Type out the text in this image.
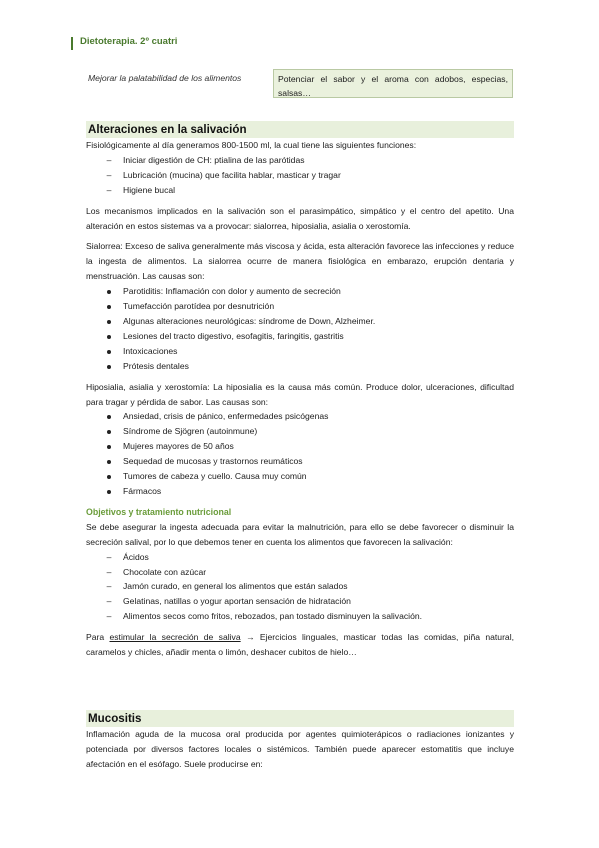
Dietoterapia. 2º cuatri
Mejorar la palatabilidad de los alimentos	Potenciar el sabor y el aroma con adobos, especias, salsas…
Alteraciones en la salivación

Fisiológicamente al día generamos 800-1500 ml, la cual tiene las siguientes funciones:

–	Iniciar digestión de CH: ptialina de las parótidas
–	Lubricación (mucina) que facilita hablar, masticar y tragar
–	Higiene bucal

Los mecanismos implicados en la salivación son el parasimpático, simpático y el centro del apetito. Una alteración en estos sistemas va a provocar: sialorrea, hiposialia, asialia o xerostomía.

Sialorrea: Exceso de saliva generalmente más viscosa y ácida, esta alteración favorece las infecciones y reduce la ingesta de alimentos. La sialorrea ocurre de manera fisiológica en embarazo, erupción dentaria y menstruación. Las causas son:

Parotiditis: Inflamación con dolor y aumento de secreción
Tumefacción parotídea por desnutrición
Algunas alteraciones neurológicas: síndrome de Down, Alzheimer.
Lesiones del tracto digestivo, esofagitis, faringitis, gastritis
Intoxicaciones
Prótesis dentales

Hiposialia, asialia y xerostomía: La hiposialia es la causa más común. Produce dolor, ulceraciones, dificultad para tragar y pérdida de sabor. Las causas son:

Ansiedad, crisis de pánico, enfermedades psicógenas
Síndrome de Sjögren (autoinmune)
Mujeres mayores de 50 años
Sequedad de mucosas y trastornos reumáticos
Tumores de cabeza y cuello. Causa muy común
Fármacos
Objetivos y tratamiento nutricional

Se debe asegurar la ingesta adecuada para evitar la malnutrición, para ello se debe favorecer o disminuir la secreción salival, por lo que debemos tener en cuenta los alimentos que favorecen la salivación:

–	Ácidos
–	Chocolate con azúcar
–	Jamón curado, en general los alimentos que están salados
–	Gelatinas, natillas o yogur aportan sensación de hidratación
–	Alimentos secos como fritos, rebozados, pan tostado disminuyen la salivación.

Para estimular la secreción de saliva → Ejercicios linguales, masticar todas las comidas, piña natural, caramelos y chicles, añadir menta o limón, deshacer cubitos de hielo…

Mucositis

Inflamación aguda de la mucosa oral producida por agentes quimioterápicos o radiaciones ionizantes y potenciada por diversos factores locales o sistémicos. También puede aparecer estomatitis que incluye afectación en el esófago. Suele producirse en:
